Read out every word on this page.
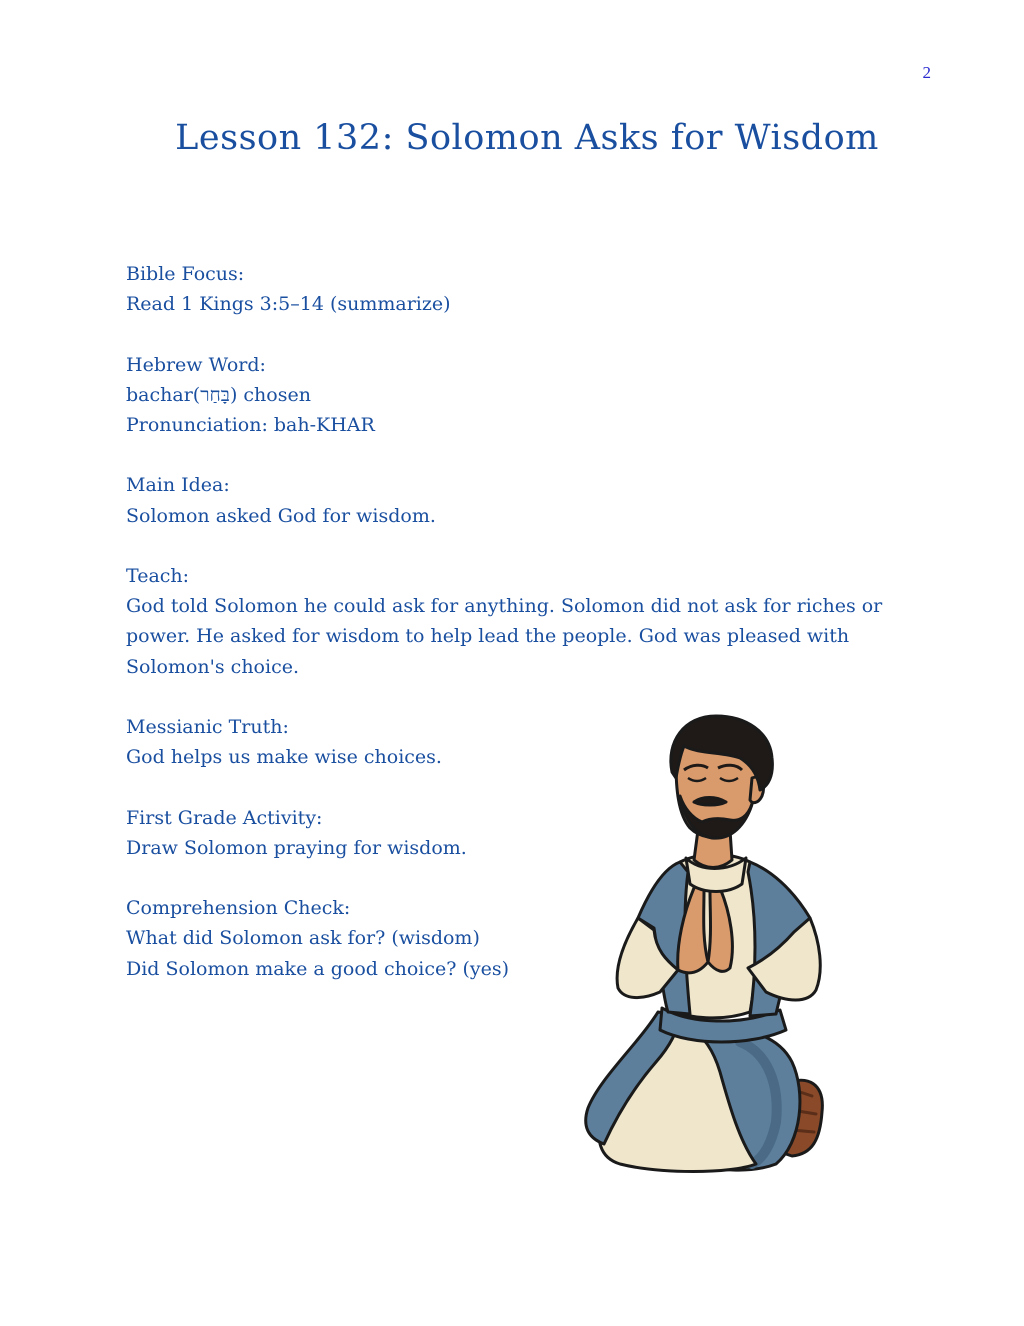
2
Lesson 132: Solomon Asks for Wisdom

Bible Focus:

Read 1 Kings 3:5–14 (summarize)

Hebrew Word:

bachar(בָּחַר) chosen

Pronunciation: bah-KHAR

Main Idea:

Solomon asked God for wisdom.

Teach:

God told Solomon he could ask for anything. Solomon did not ask for riches or power. He asked for wisdom to help lead the people. God was pleased with Solomon's choice.

Messianic Truth:

God helps us make wise choices.

First Grade Activity:

Draw Solomon praying for wisdom.

Comprehension Check:

What did Solomon ask for? (wisdom)

Did Solomon make a good choice? (yes)
